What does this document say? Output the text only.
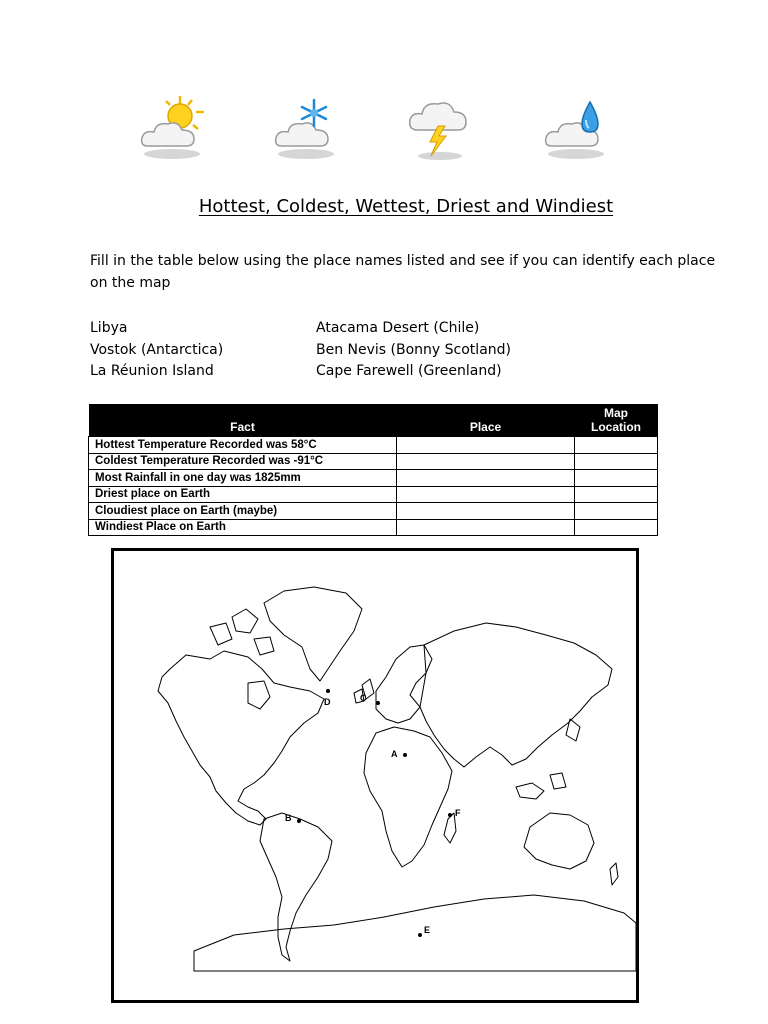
Hottest, Coldest, Wettest, Driest and Windiest
Fill in the table below using the place names listed and see if you can identify each place on the map
Libya
Vostok (Antarctica)
La Réunion Island
Atacama Desert (Chile)
Ben Nevis (Bonny Scotland)
Cape Farewell (Greenland)
Fact	Place	Map
Location
Hottest Temperature Recorded was 58°C		
Coldest Temperature Recorded was -91°C		
Most Rainfall in one day was 1825mm		
Driest place on Earth		
Cloudiest place on Earth (maybe)		
Windiest Place on Earth		
D	C
A
B	F
E
